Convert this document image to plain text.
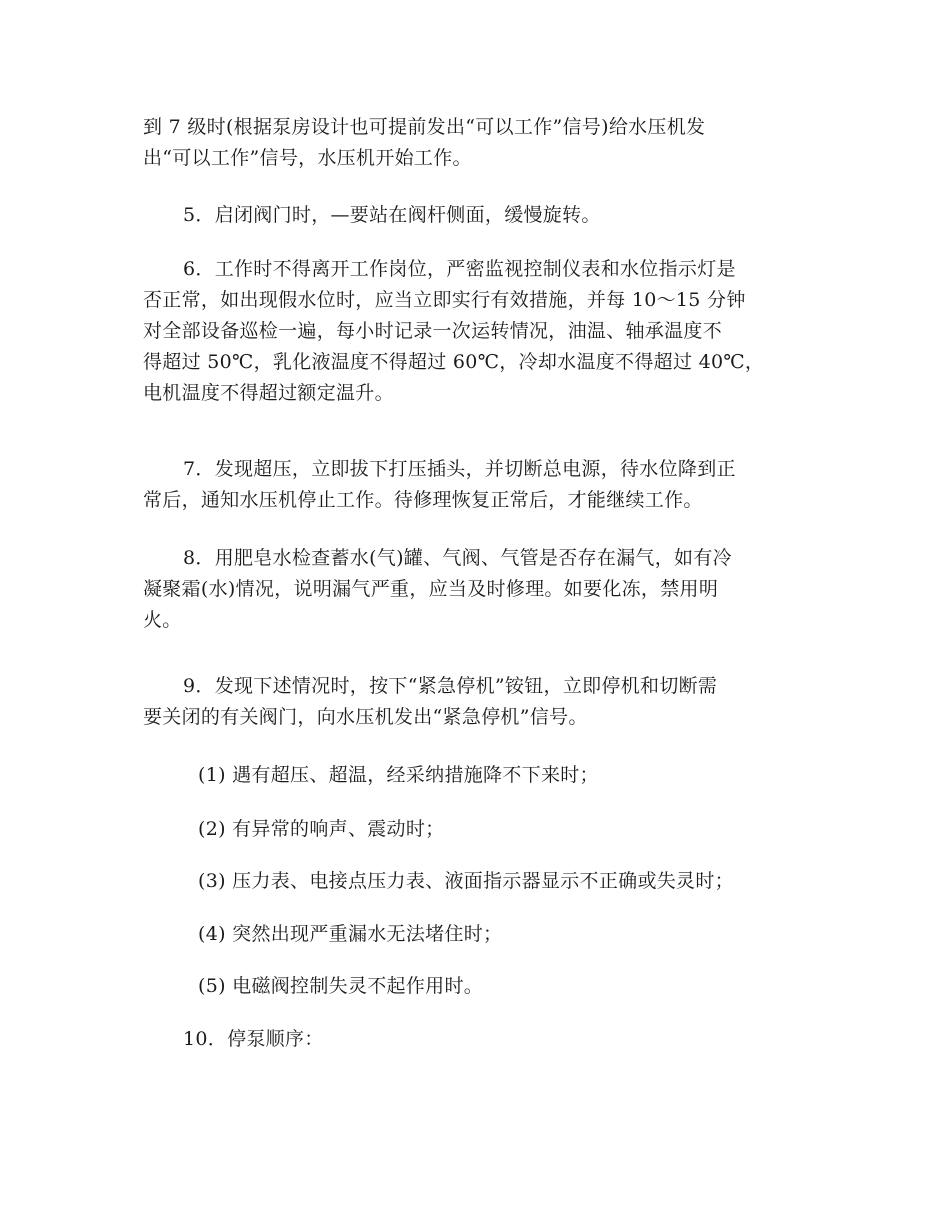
到 7 级时(根据泵房设计也可提前发出“可以工作”信号)给水压机发
出“可以工作”信号，水压机开始工作。

5．启闭阀门时，—要站在阀杆侧面，缓慢旋转。

6．工作时不得离开工作岗位，严密监视控制仪表和水位指示灯是
否正常，如出现假水位时，应当立即实行有效措施，并每 10～15 分钟
对全部设备巡检一遍，每小时记录一次运转情况，油温、轴承温度不
得超过 50℃，乳化液温度不得超过 60℃，冷却水温度不得超过 40℃，
电机温度不得超过额定温升。

7．发现超压，立即拔下打压插头，并切断总电源，待水位降到正
常后，通知水压机停止工作。待修理恢复正常后，才能继续工作。

8．用肥皂水检查蓄水(气)罐、气阀、气管是否存在漏气，如有冷
凝聚霜(水)情况，说明漏气严重，应当及时修理。如要化冻，禁用明
火。

9．发现下述情况时，按下“紧急停机”铵钮，立即停机和切断需
要关闭的有关阀门，向水压机发出“紧急停机”信号。

(1) 遇有超压、超温，经采纳措施降不下来时；

(2) 有异常的响声、震动时；

(3) 压力表、电接点压力表、液面指示器显示不正确或失灵时；

(4) 突然出现严重漏水无法堵住时；

(5) 电磁阀控制失灵不起作用时。

10．停泵顺序：
